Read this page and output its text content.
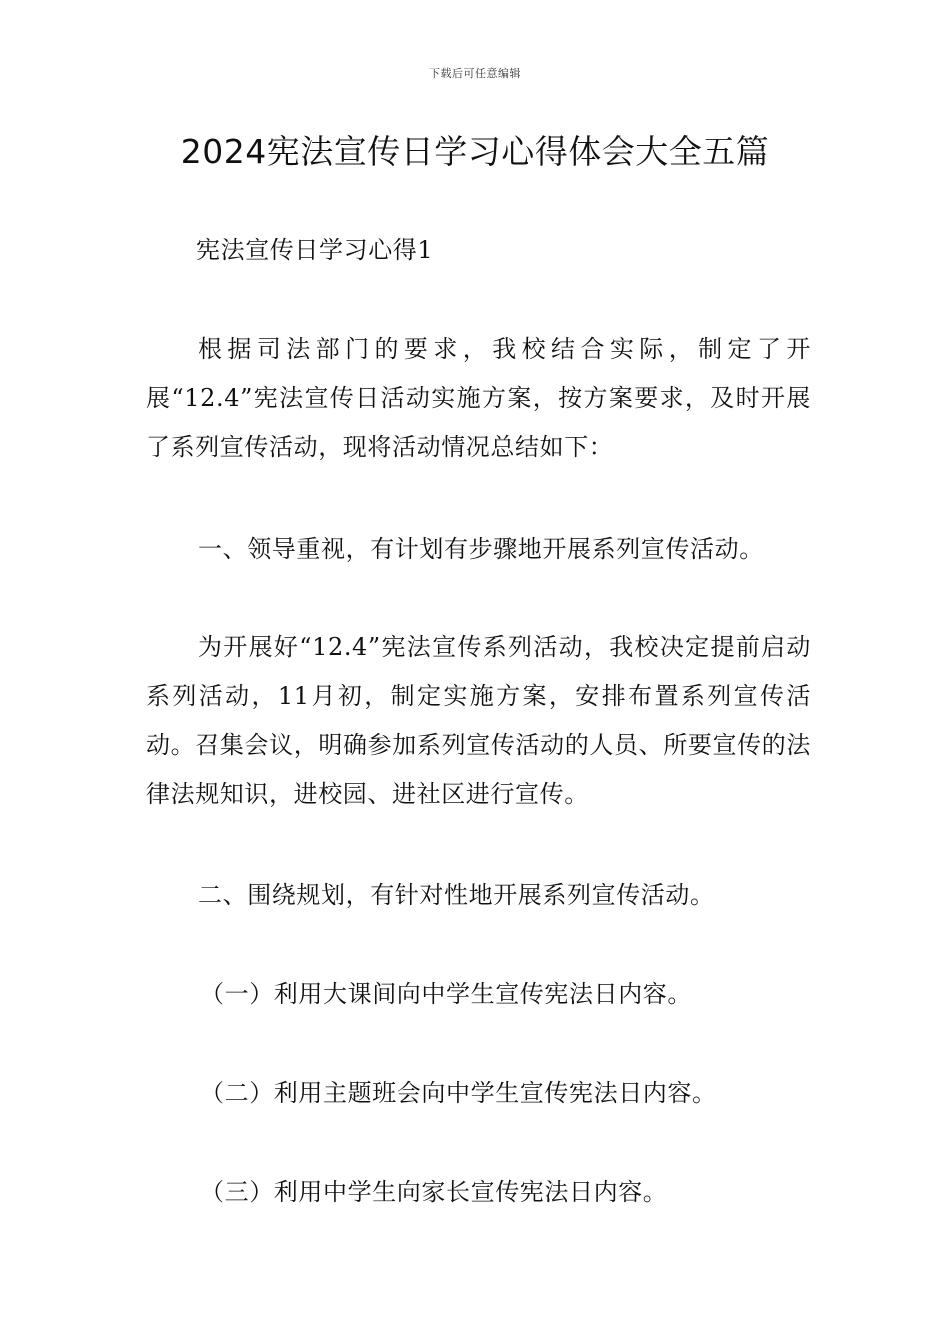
下载后可任意编辑
2024宪法宣传日学习心得体会大全五篇

宪法宣传日学习心得1

根据司法部门的要求，我校结合实际，制定了开展“12.4”宪法宣传日活动实施方案，按方案要求，及时开展了系列宣传活动，现将活动情况总结如下：

一、领导重视，有计划有步骤地开展系列宣传活动。

为开展好“12.4”宪法宣传系列活动，我校决定提前启动系列活动，11月初，制定实施方案，安排布置系列宣传活动。召集会议，明确参加系列宣传活动的人员、所要宣传的法律法规知识，进校园、进社区进行宣传。

二、围绕规划，有针对性地开展系列宣传活动。

（一）利用大课间向中学生宣传宪法日内容。

（二）利用主题班会向中学生宣传宪法日内容。

（三）利用中学生向家长宣传宪法日内容。
